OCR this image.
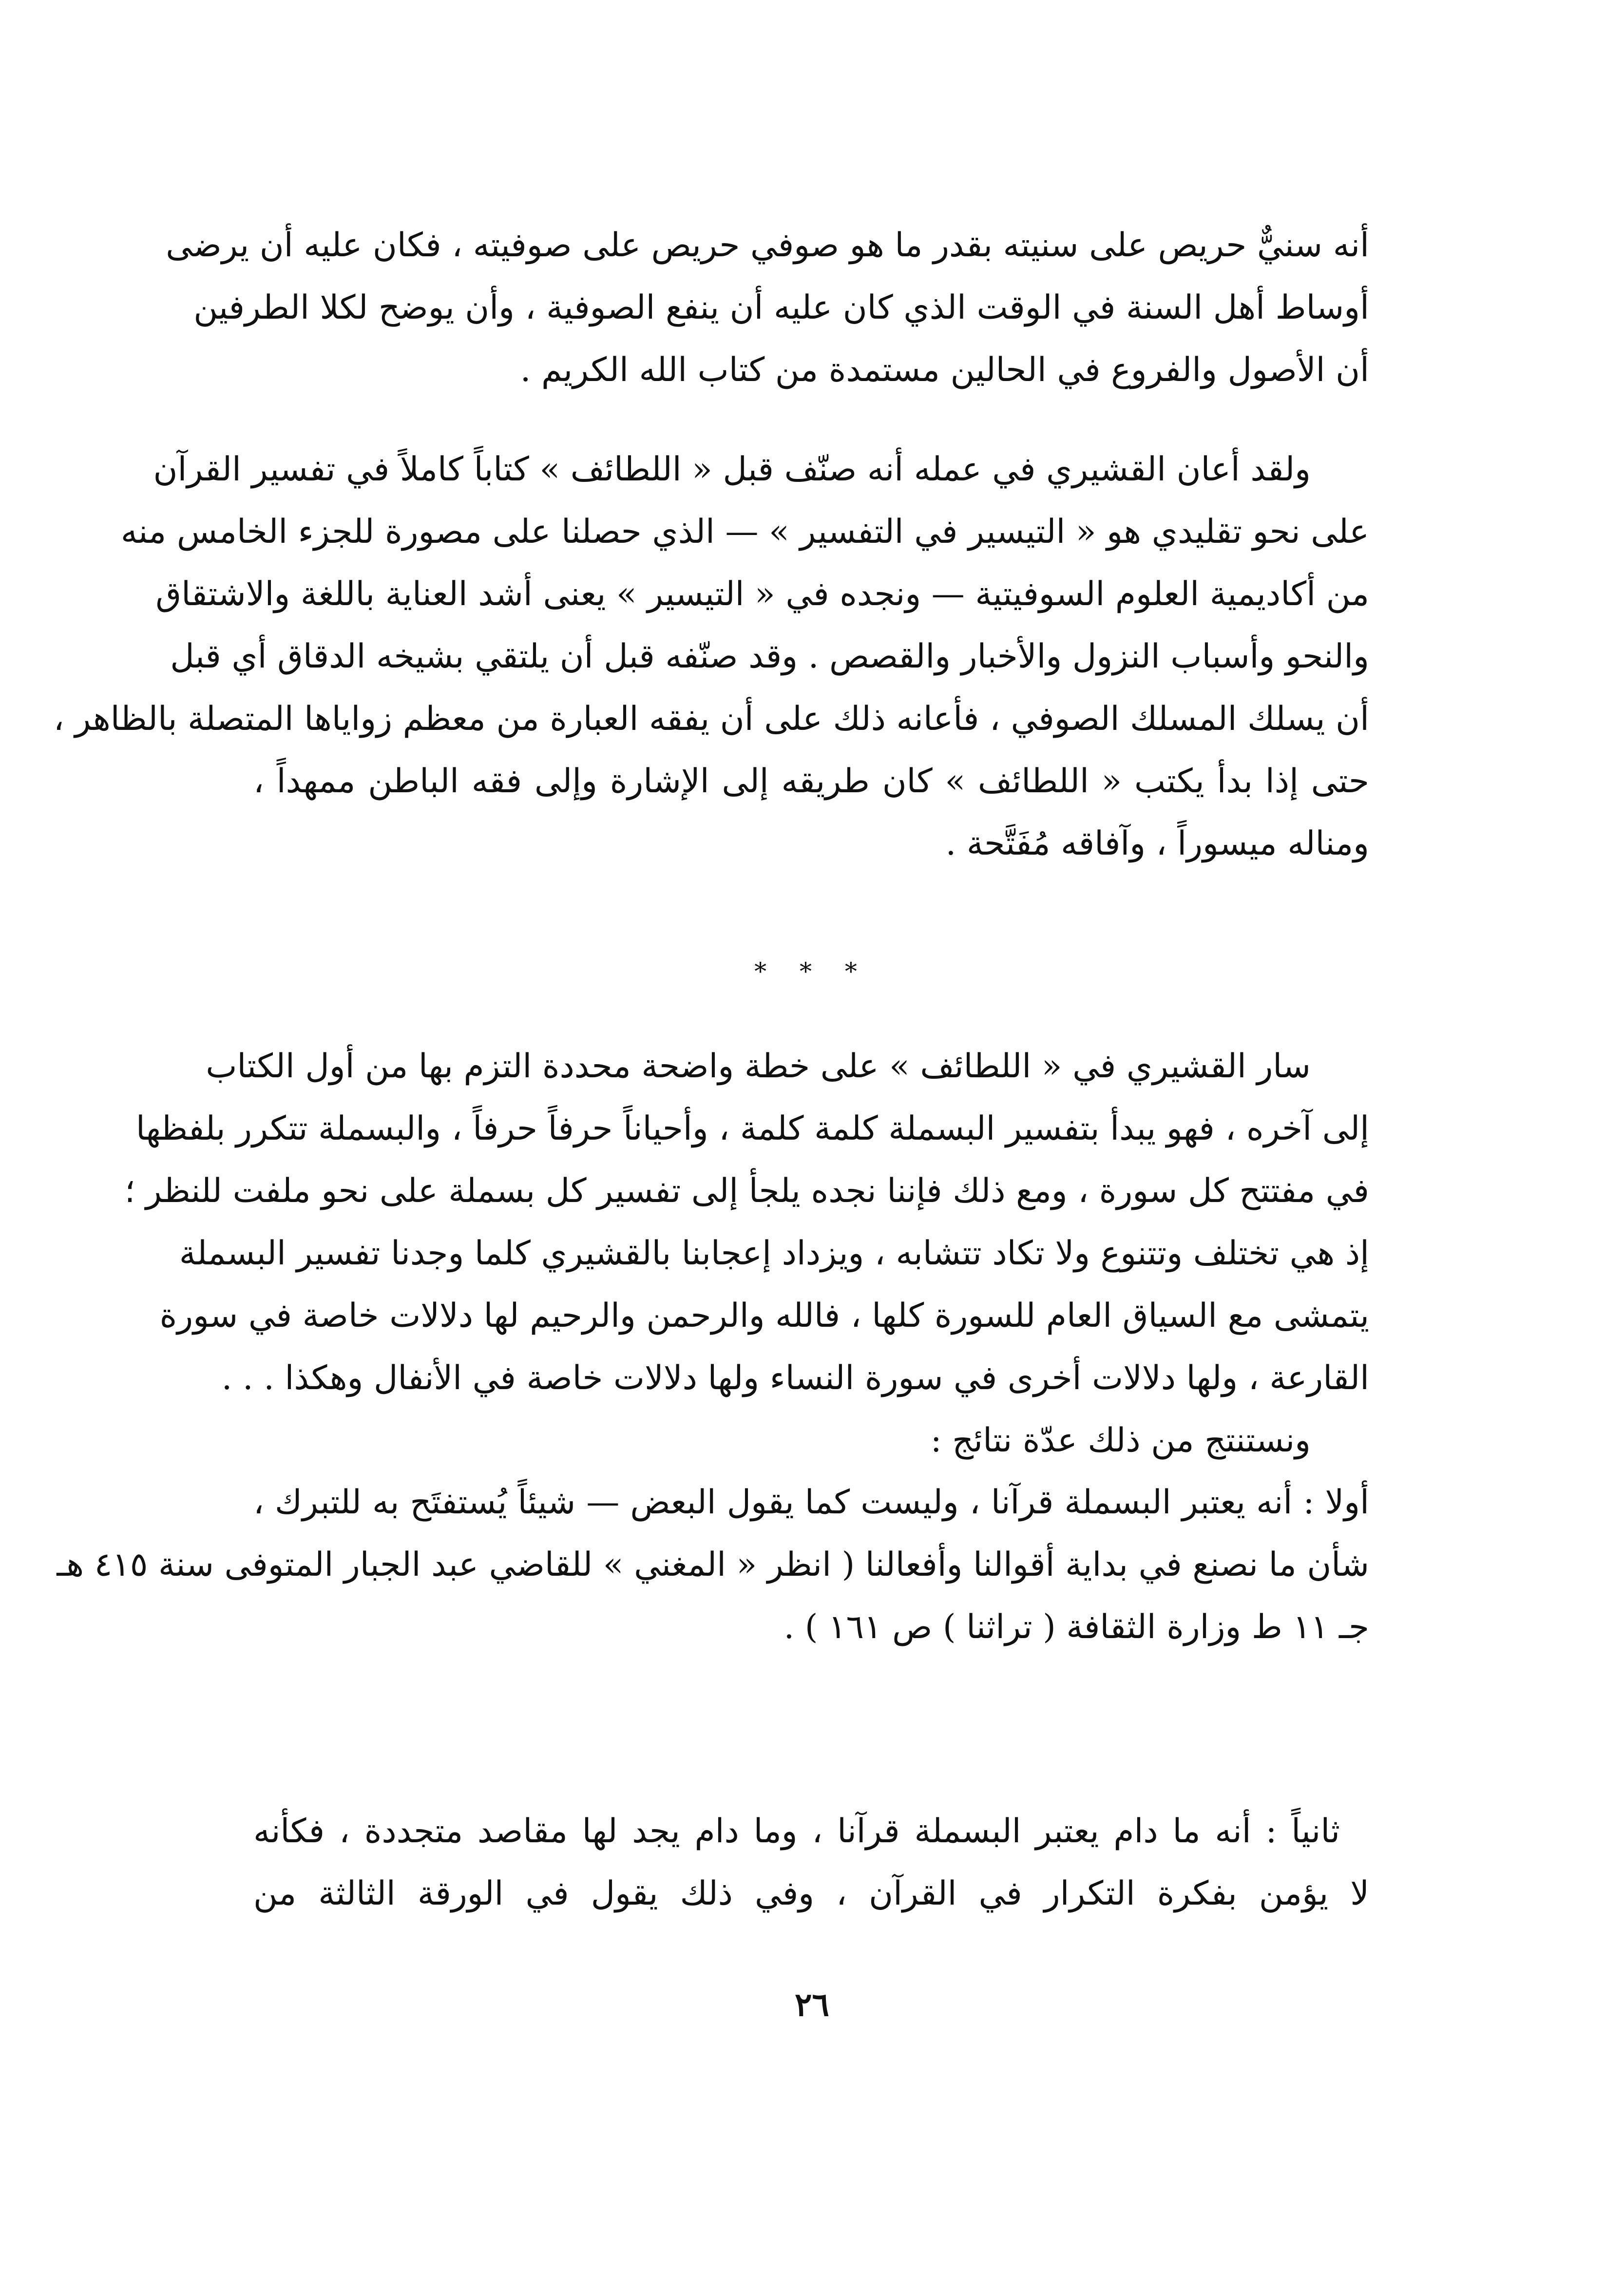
أنه سنيٌّ حريص على سنيته بقدر ما هو صوفي حريص على صوفيته ، فكان عليه أن يرضى
أوساط أهل السنة في الوقت الذي كان عليه أن ينفع الصوفية ، وأن يوضح لكلا الطرفين
أن الأصول والفروع في الحالين مستمدة من كتاب الله الكريم .
ولقد أعان القشيري في عمله أنه صنّف قبل « اللطائف » كتاباً كاملاً في تفسير القرآن
على نحو تقليدي هو « التيسير في التفسير » — الذي حصلنا على مصورة للجزء الخامس منه
من أكاديمية العلوم السوفيتية — ونجده في « التيسير » يعنى أشد العناية باللغة والاشتقاق
والنحو وأسباب النزول والأخبار والقصص . وقد صنّفه قبل أن يلتقي بشيخه الدقاق أي قبل
أن يسلك المسلك الصوفي ، فأعانه ذلك على أن يفقه العبارة من معظم زواياها المتصلة بالظاهر ،
حتى إذا بدأ يكتب « اللطائف » كان طريقه إلى الإشارة وإلى فقه الباطن ممهداً ،
ومناله ميسوراً ، وآفاقه مُفَتَّحة .
* * *
سار القشيري في « اللطائف » على خطة واضحة محددة التزم بها من أول الكتاب
إلى آخره ، فهو يبدأ بتفسير البسملة كلمة كلمة ، وأحياناً حرفاً حرفاً ، والبسملة تتكرر بلفظها
في مفتتح كل سورة ، ومع ذلك فإننا نجده يلجأ إلى تفسير كل بسملة على نحو ملفت للنظر ؛
إذ هي تختلف وتتنوع ولا تكاد تتشابه ، ويزداد إعجابنا بالقشيري كلما وجدنا تفسير البسملة
يتمشى مع السياق العام للسورة كلها ، فالله والرحمن والرحيم لها دلالات خاصة في سورة
القارعة ، ولها دلالات أخرى في سورة النساء ولها دلالات خاصة في الأنفال وهكذا . . .
ونستنتج من ذلك عدّة نتائج :
أولا : أنه يعتبر البسملة قرآنا ، وليست كما يقول البعض — شيئاً يُستفتَح به للتبرك ،
شأن ما نصنع في بداية أقوالنا وأفعالنا ( انظر « المغني » للقاضي عبد الجبار المتوفى سنة ٤١٥ هـ
جـ ١١ ط وزارة الثقافة ( تراثنا ) ص ١٦١ ) .
ثانياً : أنه ما دام يعتبر البسملة قرآنا ، وما دام يجد لها مقاصد متجددة ، فكأنه
لا يؤمن بفكرة التكرار في القرآن ، وفي ذلك يقول في الورقة الثالثة من
٢٦
